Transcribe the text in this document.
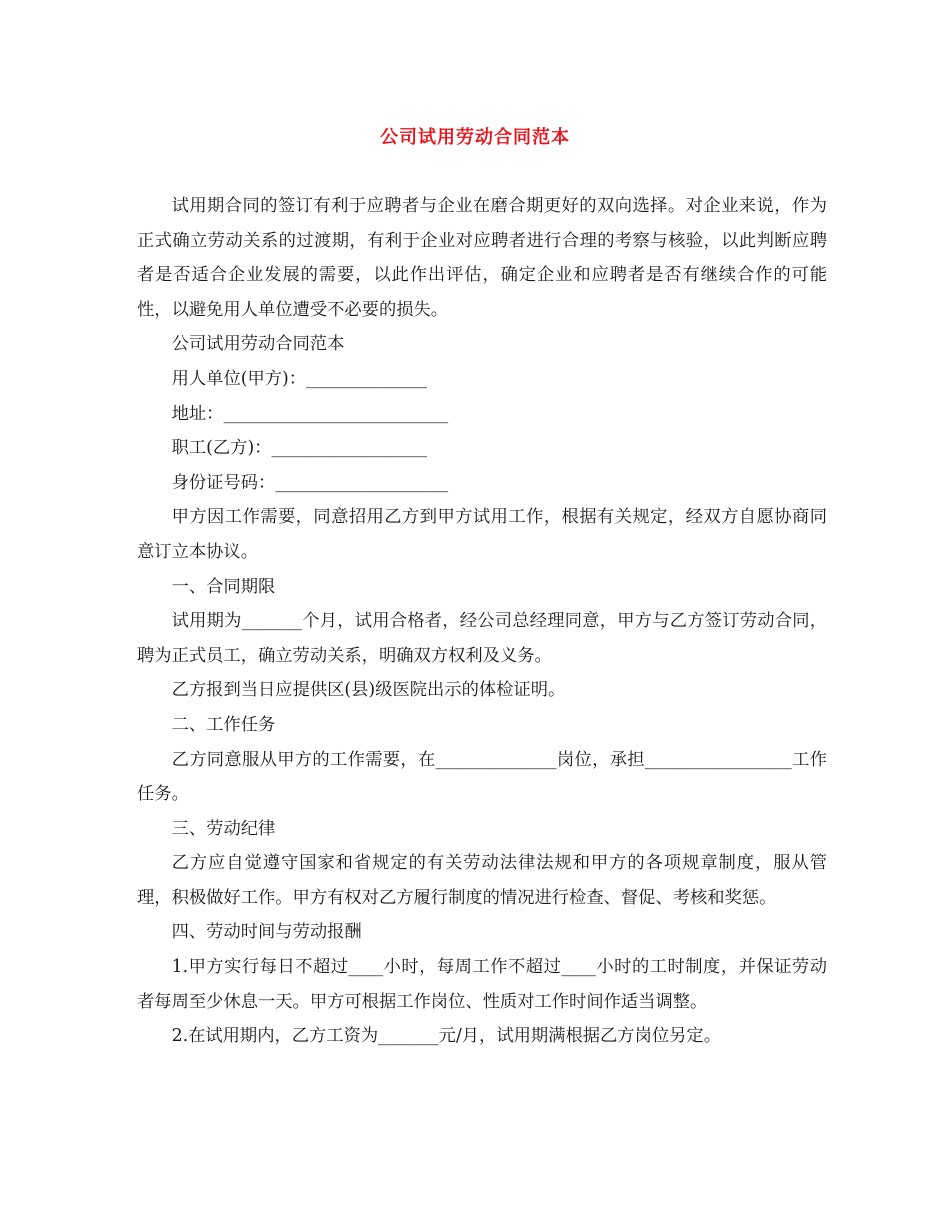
公司试用劳动合同范本

试用期合同的签订有利于应聘者与企业在磨合期更好的双向选择。对企业来说，作为正式确立劳动关系的过渡期，有利于企业对应聘者进行合理的考察与核验，以此判断应聘者是否适合企业发展的需要，以此作出评估，确定企业和应聘者是否有继续合作的可能性，以避免用人单位遭受不必要的损失。

公司试用劳动合同范本

用人单位(甲方)：______________

地址：__________________________

职工(乙方)：__________________

身份证号码：____________________

甲方因工作需要，同意招用乙方到甲方试用工作，根据有关规定，经双方自愿协商同意订立本协议。

一、合同期限

试用期为_______个月，试用合格者，经公司总经理同意，甲方与乙方签订劳动合同，聘为正式员工，确立劳动关系，明确双方权利及义务。

乙方报到当日应提供区(县)级医院出示的体检证明。

二、工作任务

乙方同意服从甲方的工作需要，在______________岗位，承担_________________工作任务。

三、劳动纪律

乙方应自觉遵守国家和省规定的有关劳动法律法规和甲方的各项规章制度，服从管理，积极做好工作。甲方有权对乙方履行制度的情况进行检查、督促、考核和奖惩。

四、劳动时间与劳动报酬

1.甲方实行每日不超过____小时，每周工作不超过____小时的工时制度，并保证劳动者每周至少休息一天。甲方可根据工作岗位、性质对工作时间作适当调整。

2.在试用期内，乙方工资为_______元/月，试用期满根据乙方岗位另定。
